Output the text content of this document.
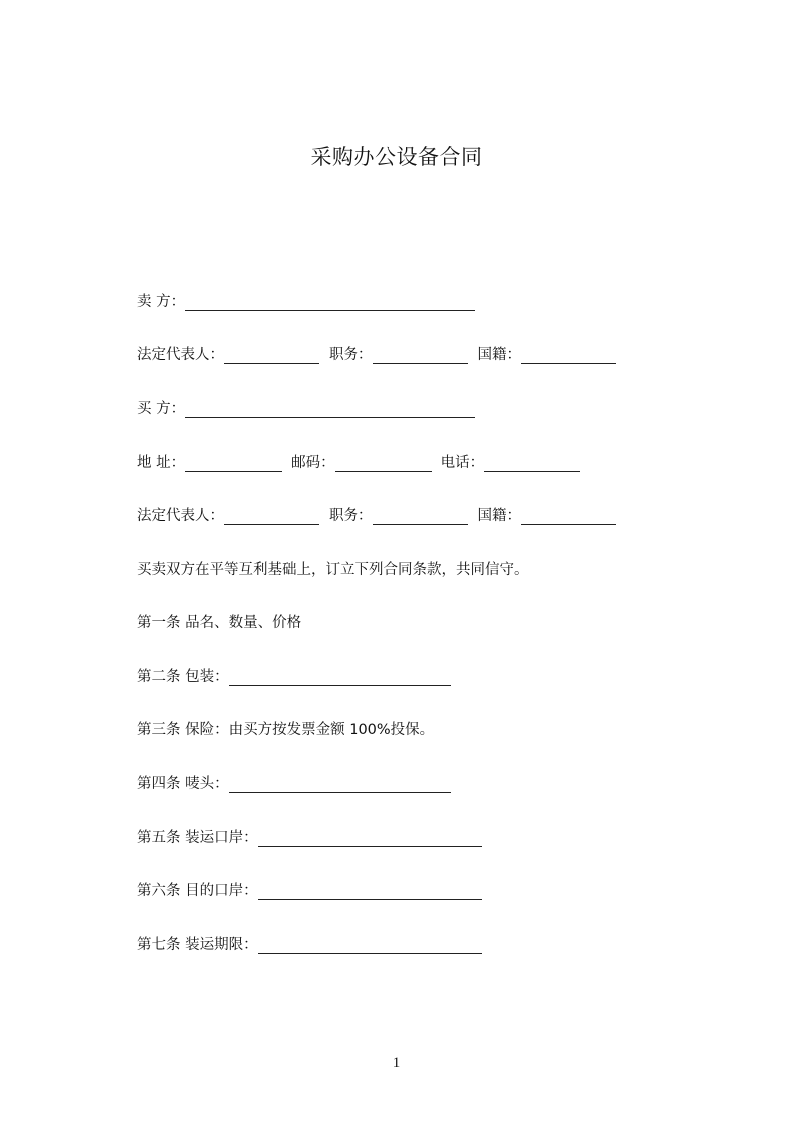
采购办公设备合同
卖 方：
法定代表人：	职务：	国籍：
买 方：
地 址：	邮码：	电话：
法定代表人：	职务：	国籍：
买卖双方在平等互利基础上，订立下列合同条款，共同信守。
第一条 品名、数量、价格
第二条 包装：
第三条 保险：由买方按发票金额 100%投保。
第四条 唛头：
第五条 装运口岸：
第六条 目的口岸：
第七条 装运期限：
1
